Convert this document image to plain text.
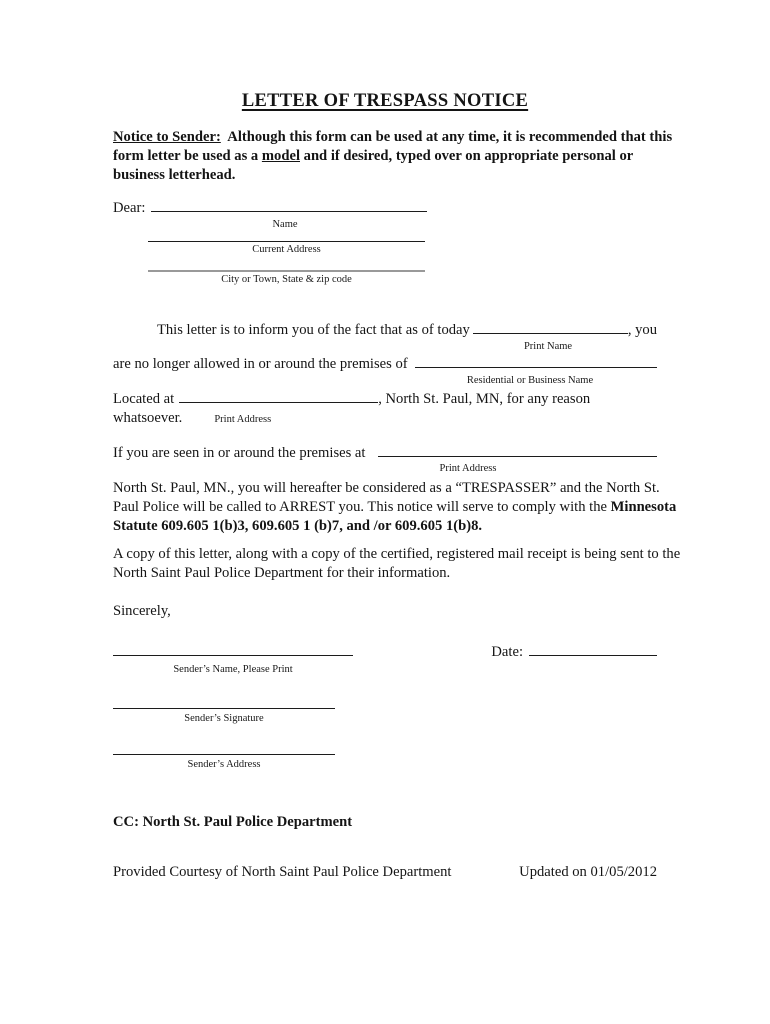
LETTER OF TRESPASS NOTICE
Notice to Sender:  Although this form can be used at any time, it is recommended that this
form letter be used as a model and if desired, typed over on appropriate personal or
business letterhead.
Dear:
Name
Current Address
City or Town, State & zip code
This letter is to inform you of the fact that as of today	, you
Print Name
are no longer allowed in or around the premises of
Residential or Business Name
Located at	, North St. Paul, MN, for any reason
whatsoever.	Print Address
If you are seen in or around the premises at
Print Address
North St. Paul, MN., you will hereafter be considered as a “TRESPASSER” and the North St.
Paul Police will be called to ARREST you. This notice will serve to comply with the Minnesota
Statute 609.605 1(b)3, 609.605 1 (b)7, and /or 609.605 1(b)8.
A copy of this letter, along with a copy of the certified, registered mail receipt is being sent to the
North Saint Paul Police Department for their information.
Sincerely,
Date:
Sender’s Name, Please Print
Sender’s Signature
Sender’s Address
CC: North St. Paul Police Department
Provided Courtesy of North Saint Paul Police Department	Updated on 01/05/2012
